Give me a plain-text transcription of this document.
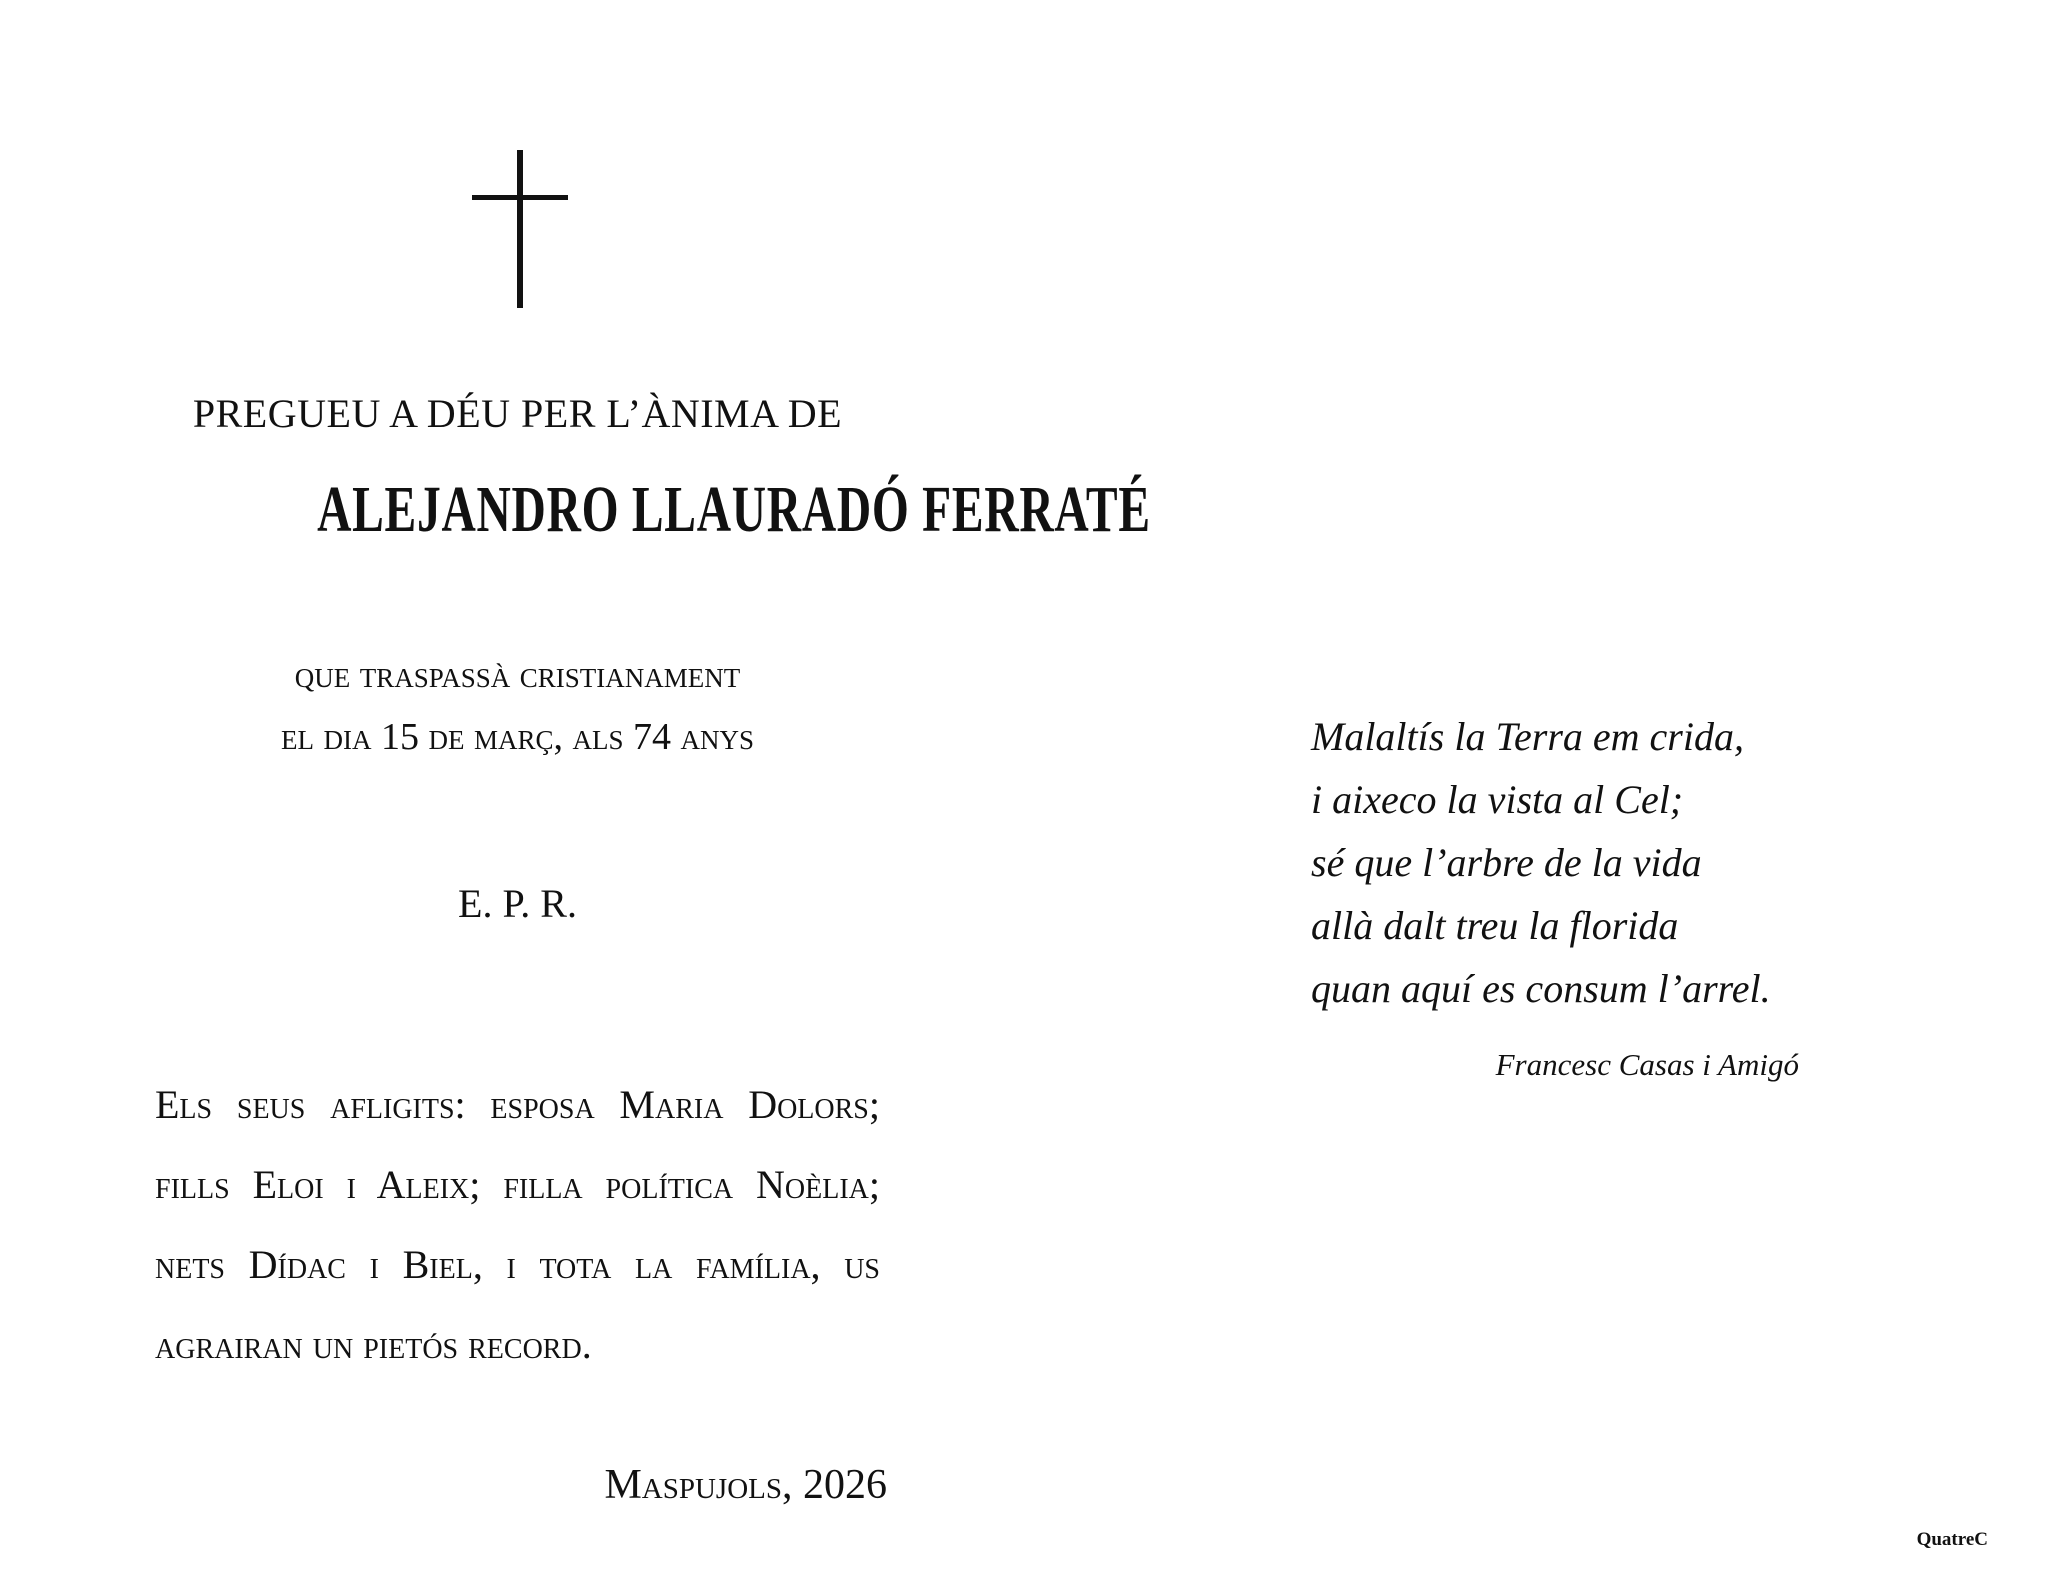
PREGUEU A DÉU PER L’ÀNIMA DE
ALEJANDRO LLAURADÓ FERRATÉ
que traspassà cristianament
el dia 15 de març, als 74 anys
E. P. R.
Els seus afligits: esposa Maria Dolors;
fills Eloi i Aleix; filla política Noèlia;
nets Dídac i Biel, i tota la família, us
agrairan un pietós record.
Maspujols, 2026
Malaltís la Terra em crida,
i aixeco la vista al Cel;
sé que l’arbre de la vida
allà dalt treu la florida
quan aquí es consum l’arrel.
Francesc Casas i Amigó
QuatreC
